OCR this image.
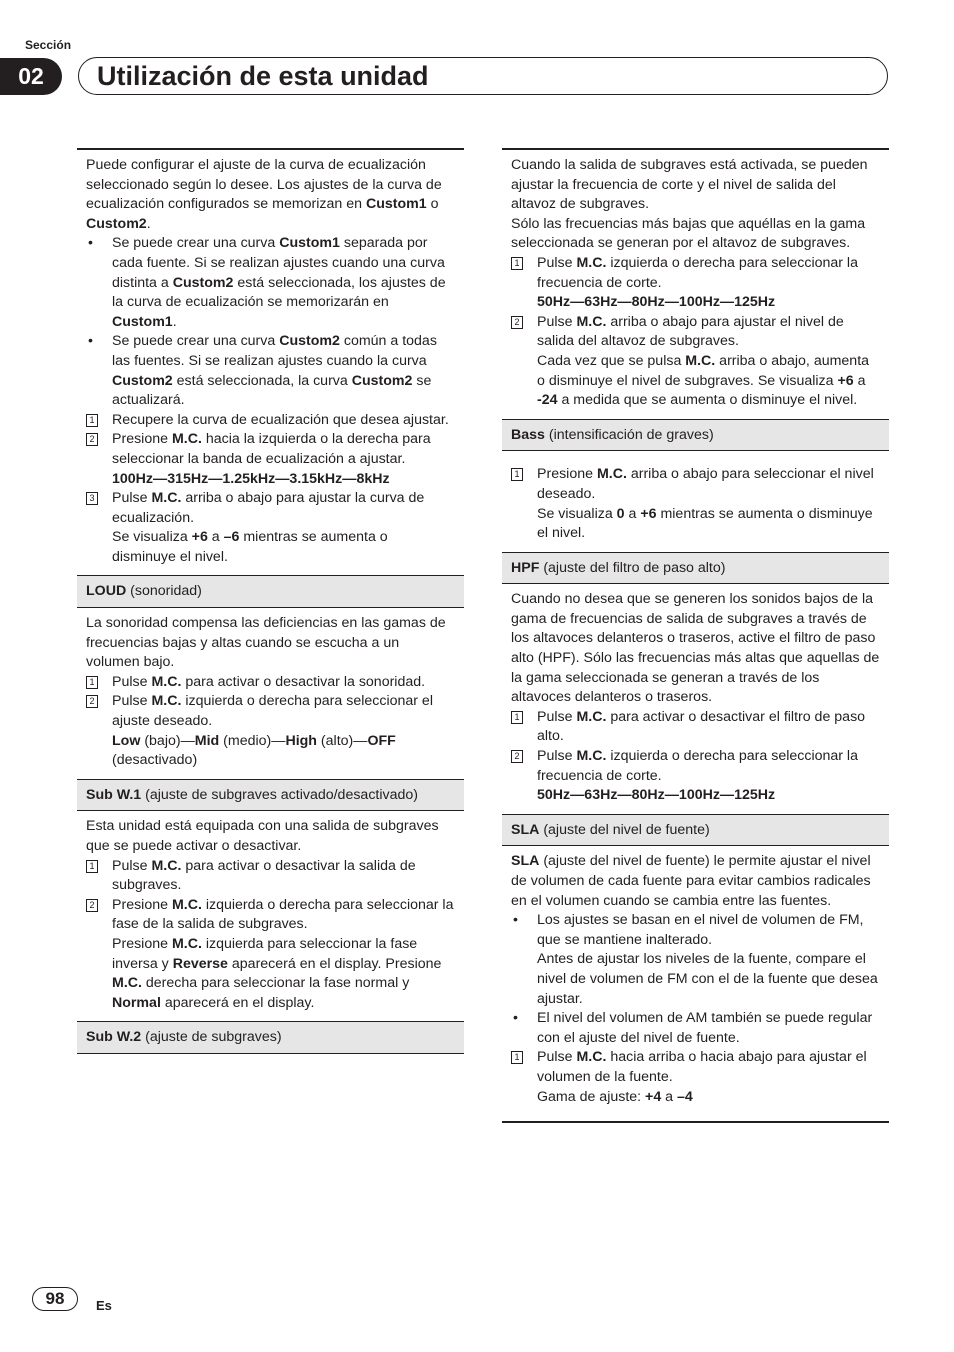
Sección
02	Utilización de esta unidad

Puede configurar el ajuste de la curva de ecualización seleccionado según lo desee. Los ajustes de la curva de ecualización configurados se memorizan en Custom1 o Custom2.

• Se puede crear una curva Custom1 separada por cada fuente. Si se realizan ajustes cuando una curva distinta a Custom2 está seleccionada, los ajustes de la curva de ecualización se memorizarán en Custom1.
• Se puede crear una curva Custom2 común a todas las fuentes. Si se realizan ajustes cuando la curva Custom2 está seleccionada, la curva Custom2 se actualizará.
1 Recupere la curva de ecualización que desea ajustar.
2 Presione M.C. hacia la izquierda o la derecha para seleccionar la banda de ecualización a ajustar.
100Hz—315Hz—1.25kHz—3.15kHz—8kHz
3 Pulse M.C. arriba o abajo para ajustar la curva de ecualización.
Se visualiza +6 a –6 mientras se aumenta o disminuye el nivel.
LOUD (sonoridad)

La sonoridad compensa las deficiencias en las gamas de frecuencias bajas y altas cuando se escucha a un volumen bajo.

1 Pulse M.C. para activar o desactivar la sonoridad.
2 Pulse M.C. izquierda o derecha para seleccionar el ajuste deseado.
Low (bajo)—Mid (medio)—High (alto)—OFF (desactivado)
Sub W.1 (ajuste de subgraves activado/desactivado)

Esta unidad está equipada con una salida de subgraves que se puede activar o desactivar.

1 Pulse M.C. para activar o desactivar la salida de subgraves.
2 Presione M.C. izquierda o derecha para seleccionar la fase de la salida de subgraves.
Presione M.C. izquierda para seleccionar la fase inversa y Reverse aparecerá en el display. Presione M.C. derecha para seleccionar la fase normal y Normal aparecerá en el display.
Sub W.2 (ajuste de subgraves)

Cuando la salida de subgraves está activada, se pueden ajustar la frecuencia de corte y el nivel de salida del altavoz de subgraves.

Sólo las frecuencias más bajas que aquéllas en la gama seleccionada se generan por el altavoz de subgraves.

1 Pulse M.C. izquierda o derecha para seleccionar la frecuencia de corte.
50Hz—63Hz—80Hz—100Hz—125Hz
2 Pulse M.C. arriba o abajo para ajustar el nivel de salida del altavoz de subgraves.
Cada vez que se pulsa M.C. arriba o abajo, aumenta o disminuye el nivel de subgraves. Se visualiza +6 a -24 a medida que se aumenta o disminuye el nivel.
Bass (intensificación de graves)
1 Presione M.C. arriba o abajo para seleccionar el nivel deseado.
Se visualiza 0 a +6 mientras se aumenta o disminuye el nivel.
HPF (ajuste del filtro de paso alto)

Cuando no desea que se generen los sonidos bajos de la gama de frecuencias de salida de subgraves a través de los altavoces delanteros o traseros, active el filtro de paso alto (HPF). Sólo las frecuencias más altas que aquellas de la gama seleccionada se generan a través de los altavoces delanteros o traseros.

1 Pulse M.C. para activar o desactivar el filtro de paso alto.
2 Pulse M.C. izquierda o derecha para seleccionar la frecuencia de corte.
50Hz—63Hz—80Hz—100Hz—125Hz
SLA (ajuste del nivel de fuente)

SLA (ajuste del nivel de fuente) le permite ajustar el nivel de volumen de cada fuente para evitar cambios radicales en el volumen cuando se cambia entre las fuentes.

• Los ajustes se basan en el nivel de volumen de FM, que se mantiene inalterado.
Antes de ajustar los niveles de la fuente, compare el nivel de volumen de FM con el de la fuente que desea ajustar.
• El nivel del volumen de AM también se puede regular con el ajuste del nivel de fuente.
1 Pulse M.C. hacia arriba o hacia abajo para ajustar el volumen de la fuente.
Gama de ajuste: +4 a –4
98	Es
